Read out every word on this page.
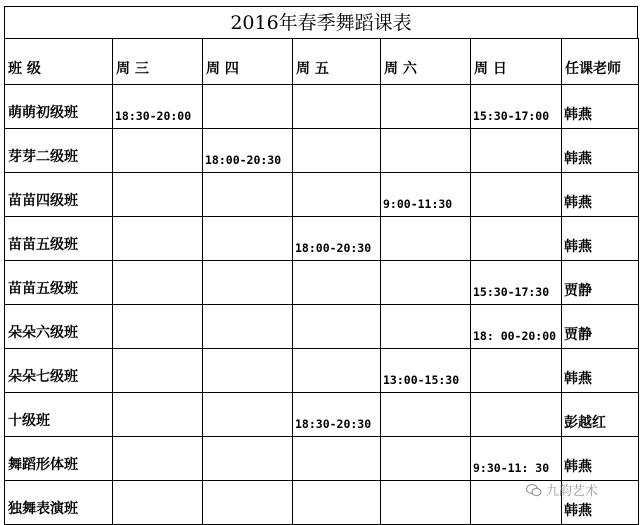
2016年春季舞蹈课表
班 级	周 三	周 四	周 五	周 六	周 日	任课老师
萌萌初级班	18:30-20:00				15:30-17:00	韩燕
芽芽二级班		18:00-20:30				韩燕
苗苗四级班				9:00-11:30		韩燕
苗苗五级班			18:00-20:30			韩燕
苗苗五级班					15:30-17:30	贾静
朵朵六级班					18: 00-20:00	贾静
朵朵七级班				13:00-15:30		韩燕
十级班			18:30-20:30			彭越红
舞蹈形体班					9:30-11: 30	韩燕
独舞表演班						韩燕
九韵艺术
